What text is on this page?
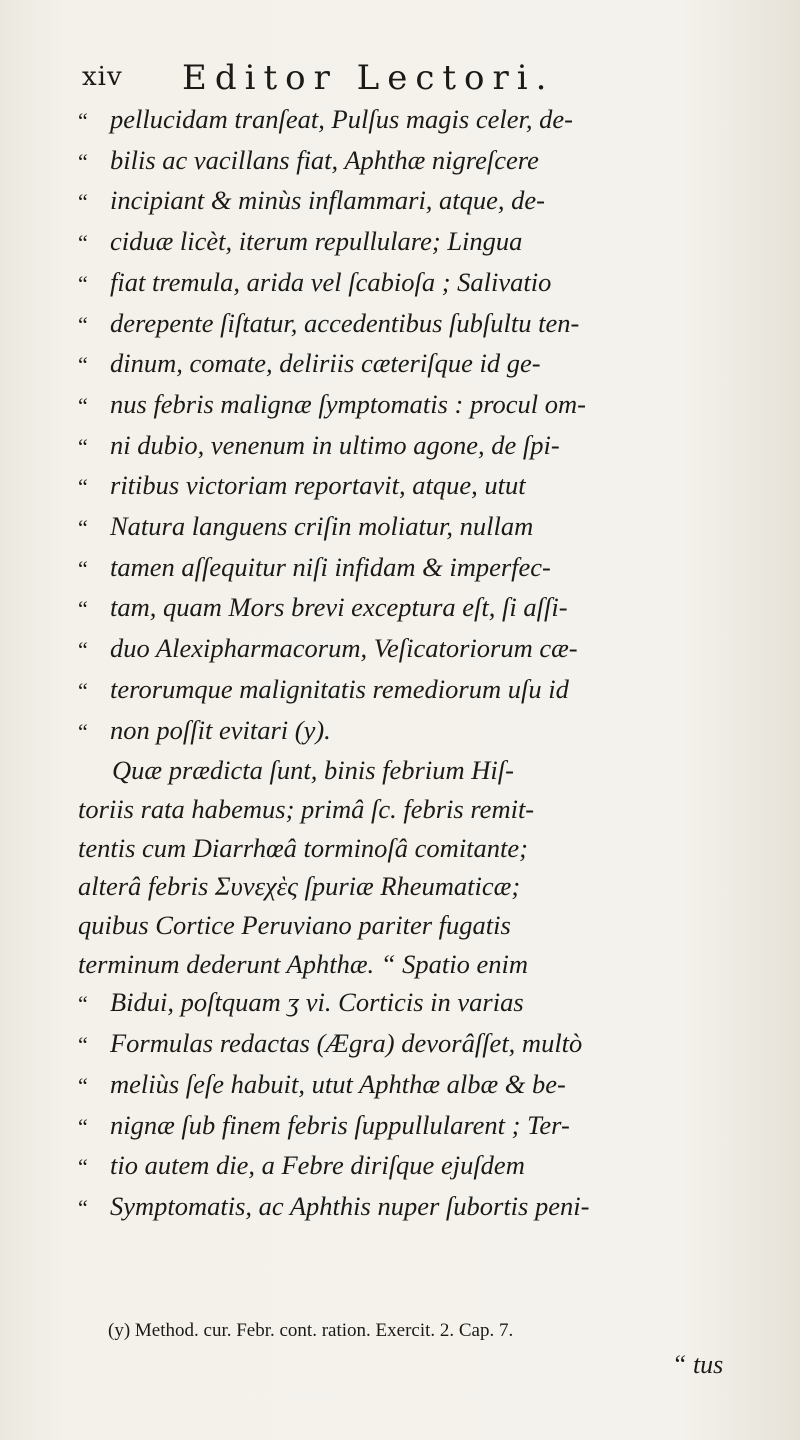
xiv Editor Lectori.
“ pellucidam tranſeat, Pulſus magis celer, de-
“ bilis ac vacillans fiat, Aphthæ nigreſcere
“ incipiant & minùs inflammari, atque, de-
“ ciduæ licèt, iterum repullulare; Lingua
“ fiat tremula, arida vel ſcabioſa ; Salivatio
“ derepente ſiſtatur, accedentibus ſubſultu ten-
“ dinum, comate, deliriis cæteriſque id ge-
“ nus febris malignæ ſymptomatis : procul om-
“ ni dubio, venenum in ultimo agone, de ſpi-
“ ritibus victoriam reportavit, atque, utut
“ Natura languens criſin moliatur, nullam
“ tamen aſſequitur niſi infidam & imperfec-
“ tam, quam Mors brevi exceptura eſt, ſi aſſi-
“ duo Alexipharmacorum, Veſicatoriorum cæ-
“ terorumque malignitatis remediorum uſu id
“ non poſſit evitari (y).
Quæ prædicta ſunt, binis febrium Hiſ-
toriis rata habemus; primâ ſc. febris remit-
tentis cum Diarrhœâ torminoſâ comitante;
alterâ febris Συνεχὲς ſpuriæ Rheumaticæ;
quibus Cortice Peruviano pariter fugatis
terminum dederunt Aphthæ. “ Spatio enim
“ Bidui, poſtquam ʒ vi. Corticis in varias
“ Formulas redactas (Ægra) devorâſſet, multò
“ meliùs ſeſe habuit, utut Aphthæ albæ & be-
“ nignæ ſub finem febris ſuppullularent ; Ter-
“ tio autem die, a Febre diriſque ejuſdem
“ Symptomatis, ac Aphthis nuper ſubortis peni-
(y) Method. cur. Febr. cont. ration. Exercit. 2. Cap. 7.
“ tus
